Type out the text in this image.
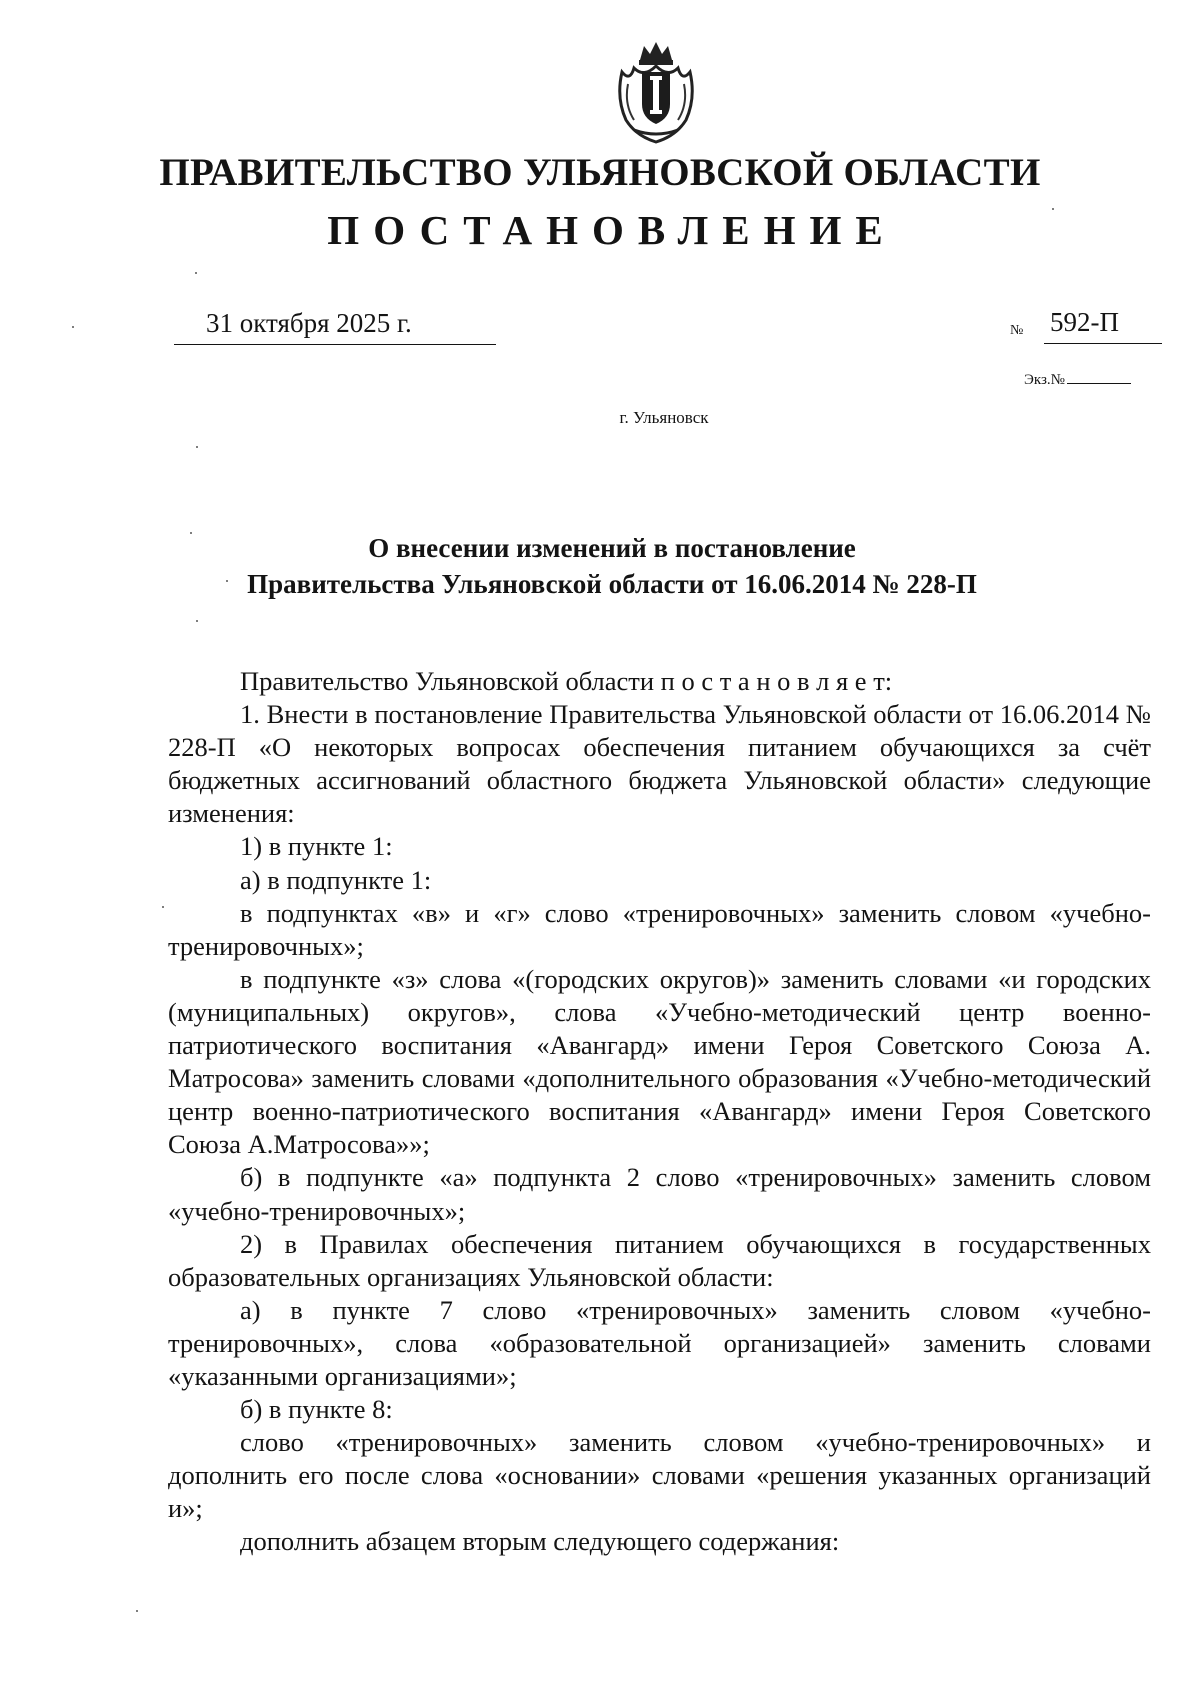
ПРАВИТЕЛЬСТВО УЛЬЯНОВСКОЙ ОБЛАСТИ
ПОСТАНОВЛЕНИЕ
31 октября 2025 г.	№ 592-П
Экз.№
г. Ульяновск
О внесении изменений в постановление
Правительства Ульяновской области от 16.06.2014 № 228-П

Правительство Ульяновской области п о с т а н о в л я е т:

1. Внести в постановление Правительства Ульяновской области от 16.06.2014 № 228-П «О некоторых вопросах обеспечения питанием обучающихся за счёт бюджетных ассигнований областного бюджета Ульяновской области» следующие изменения:

1) в пункте 1:

а) в подпункте 1:

в подпунктах «в» и «г» слово «тренировочных» заменить словом «учебно-тренировочных»;

в подпункте «з» слова «(городских округов)» заменить словами «и городских (муниципальных) округов», слова «Учебно-методический центр военно-патриотического воспитания «Авангард» имени Героя Советского Союза А. Матросова» заменить словами «дополнительного образования «Учебно-методический центр военно-патриотического воспитания «Авангард» имени Героя Советского Союза А.Матросова»»;

б) в подпункте «а» подпункта 2 слово «тренировочных» заменить словом «учебно-тренировочных»;

2) в Правилах обеспечения питанием обучающихся в государственных образовательных организациях Ульяновской области:

а) в пункте 7 слово «тренировочных» заменить словом «учебно-тренировочных», слова «образовательной организацией» заменить словами «указанными организациями»;

б) в пункте 8:

слово «тренировочных» заменить словом «учебно-тренировочных» и дополнить его после слова «основании» словами «решения указанных организаций и»;

дополнить абзацем вторым следующего содержания:
